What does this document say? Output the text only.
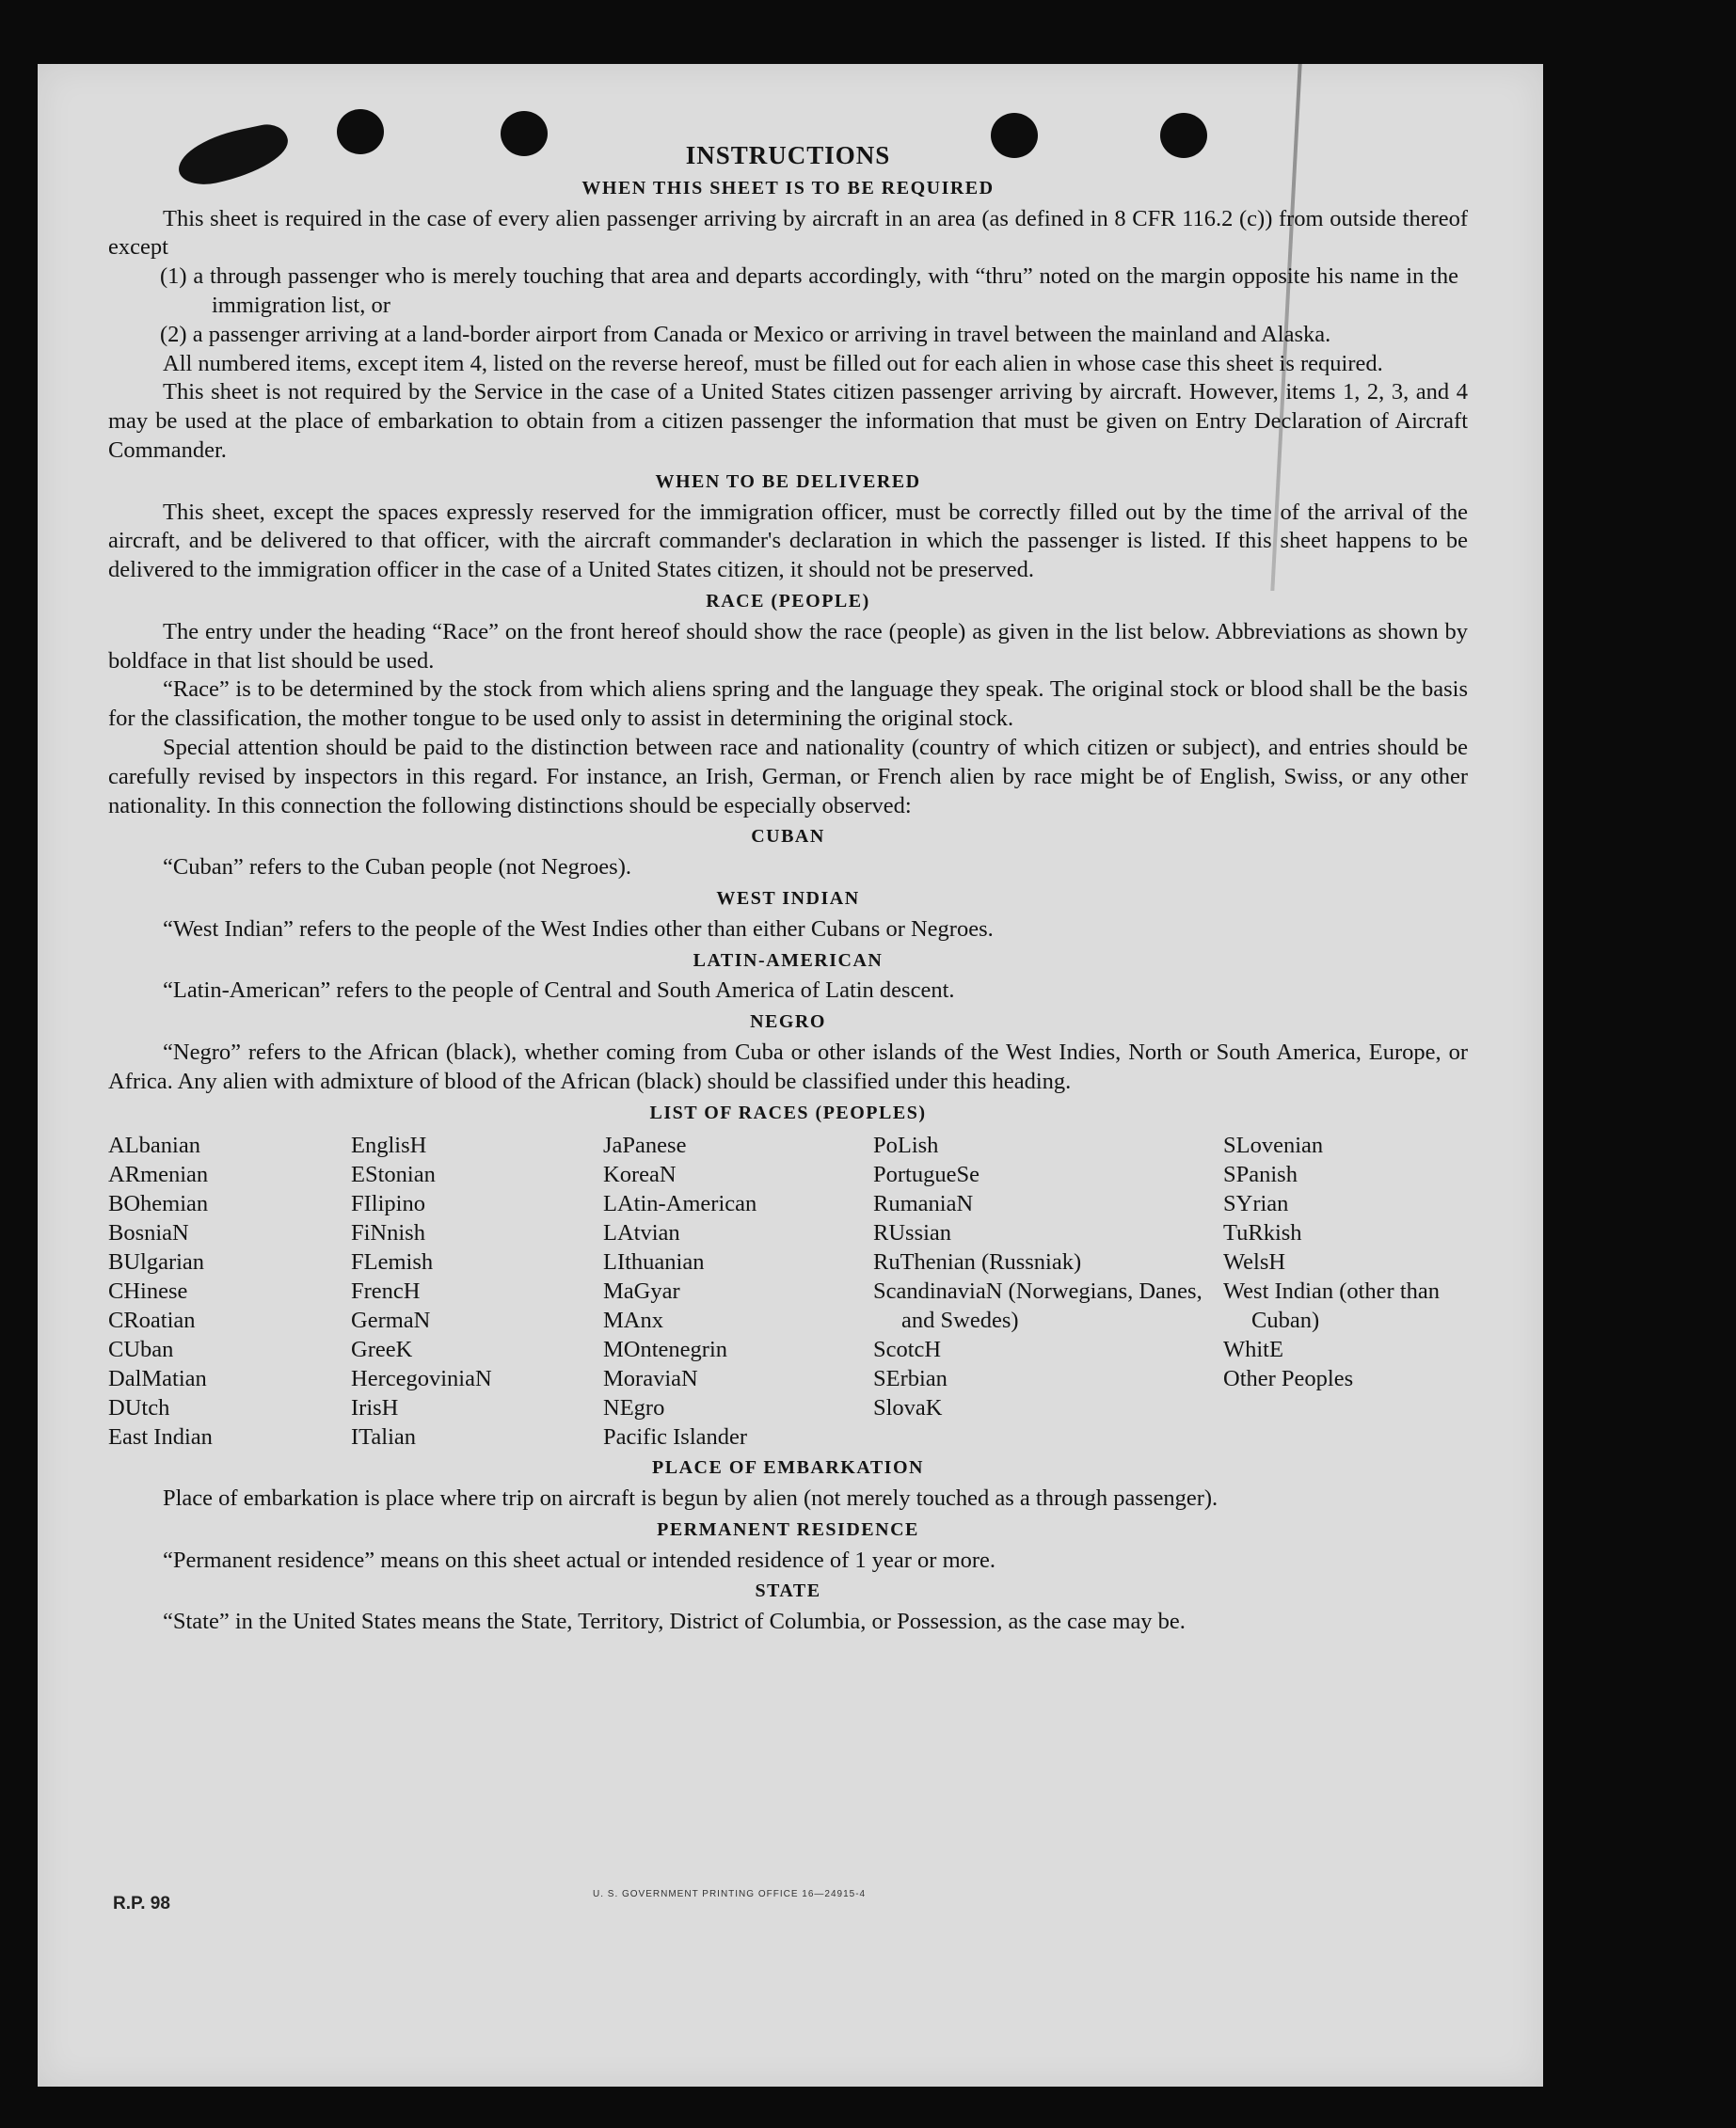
INSTRUCTIONS
WHEN THIS SHEET IS TO BE REQUIRED

This sheet is required in the case of every alien passenger arriving by aircraft in an area (as defined in 8 CFR 116.2 (c)) from outside thereof except

(1) a through passenger who is merely touching that area and departs accordingly, with “thru” noted on the margin opposite his name in the immigration list, or

(2) a passenger arriving at a land-border airport from Canada or Mexico or arriving in travel between the mainland and Alaska.

All numbered items, except item 4, listed on the reverse hereof, must be filled out for each alien in whose case this sheet is required.

This sheet is not required by the Service in the case of a United States citizen passenger arriving by aircraft. However, items 1, 2, 3, and 4 may be used at the place of embarkation to obtain from a citizen passenger the information that must be given on Entry Declaration of Aircraft Commander.

WHEN TO BE DELIVERED

This sheet, except the spaces expressly reserved for the immigration officer, must be correctly filled out by the time of the arrival of the aircraft, and be delivered to that officer, with the aircraft commander's declaration in which the passenger is listed. If this sheet happens to be delivered to the immigration officer in the case of a United States citizen, it should not be preserved.

RACE (PEOPLE)

The entry under the heading “Race” on the front hereof should show the race (people) as given in the list below. Abbreviations as shown by boldface in that list should be used.

“Race” is to be determined by the stock from which aliens spring and the language they speak. The original stock or blood shall be the basis for the classification, the mother tongue to be used only to assist in determining the original stock.

Special attention should be paid to the distinction between race and nationality (country of which citizen or subject), and entries should be carefully revised by inspectors in this regard. For instance, an Irish, German, or French alien by race might be of English, Swiss, or any other nationality. In this connection the following distinctions should be especially observed:

CUBAN

“Cuban” refers to the Cuban people (not Negroes).

WEST INDIAN

“West Indian” refers to the people of the West Indies other than either Cubans or Negroes.

LATIN-AMERICAN

“Latin-American” refers to the people of Central and South America of Latin descent.

NEGRO

“Negro” refers to the African (black), whether coming from Cuba or other islands of the West Indies, North or South America, Europe, or Africa. Any alien with admixture of blood of the African (black) should be classified under this heading.

LIST OF RACES (PEOPLES)
ALbanian
ARmenian
BOhemian
BosniaN
BUlgarian
CHinese
CRoatian
CUban
DalMatian
DUtch
East Indian
EnglisH
EStonian
FIlipino
FiNnish
FLemish
FrencH
GermaN
GreeK
HercegoviniaN
IrisH
ITalian
JaPanese
KoreaN
LAtin-American
LAtvian
LIthuanian
MaGyar
MAnx
MOntenegrin
MoraviaN
NEgro
Pacific Islander
PoLish
PortugueSe
RumaniaN
RUssian
RuThenian (Russniak)
ScandinaviaN (Norwegians, Danes, and Swedes)
ScotcH
SErbian
SlovaK
SLovenian
SPanish
SYrian
TuRkish
WelsH
West Indian (other than Cuban)
WhitE
Other Peoples
PLACE OF EMBARKATION

Place of embarkation is place where trip on aircraft is begun by alien (not merely touched as a through passenger).

PERMANENT RESIDENCE

“Permanent residence” means on this sheet actual or intended residence of 1 year or more.

STATE

“State” in the United States means the State, Territory, District of Columbia, or Possession, as the case may be.

R.P. 98	U. S. GOVERNMENT PRINTING OFFICE 16—24915-4
